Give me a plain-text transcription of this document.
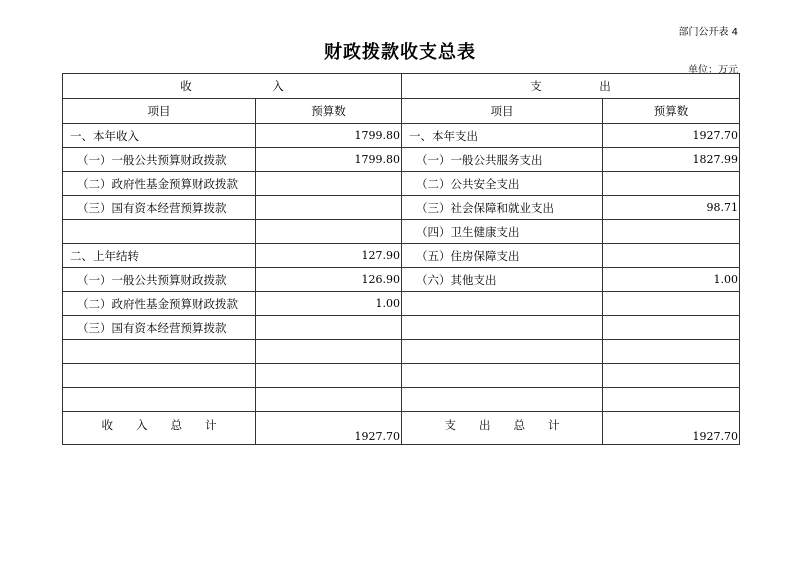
部门公开表 4
财政拨款收支总表
单位：万元
收　　　　　　　入		支　　　　　出	
项目	预算数	项目	预算数
一、本年收入	1799.80	一、本年支出	1927.70
（一）一般公共预算财政拨款	1799.80	（一）一般公共服务支出	1827.99
（二）政府性基金预算财政拨款		（二）公共安全支出	
（三）国有资本经营预算拨款		（三）社会保障和就业支出	98.71
		（四）卫生健康支出	
二、上年结转	127.90	（五）住房保障支出	
（一）一般公共预算财政拨款	126.90	（六）其他支出	1.00
（二）政府性基金预算财政拨款	1.00		
（三）国有资本经营预算拨款			

收　　入　　总　　计	1927.70	支　　出　　总　　计	1927.70
